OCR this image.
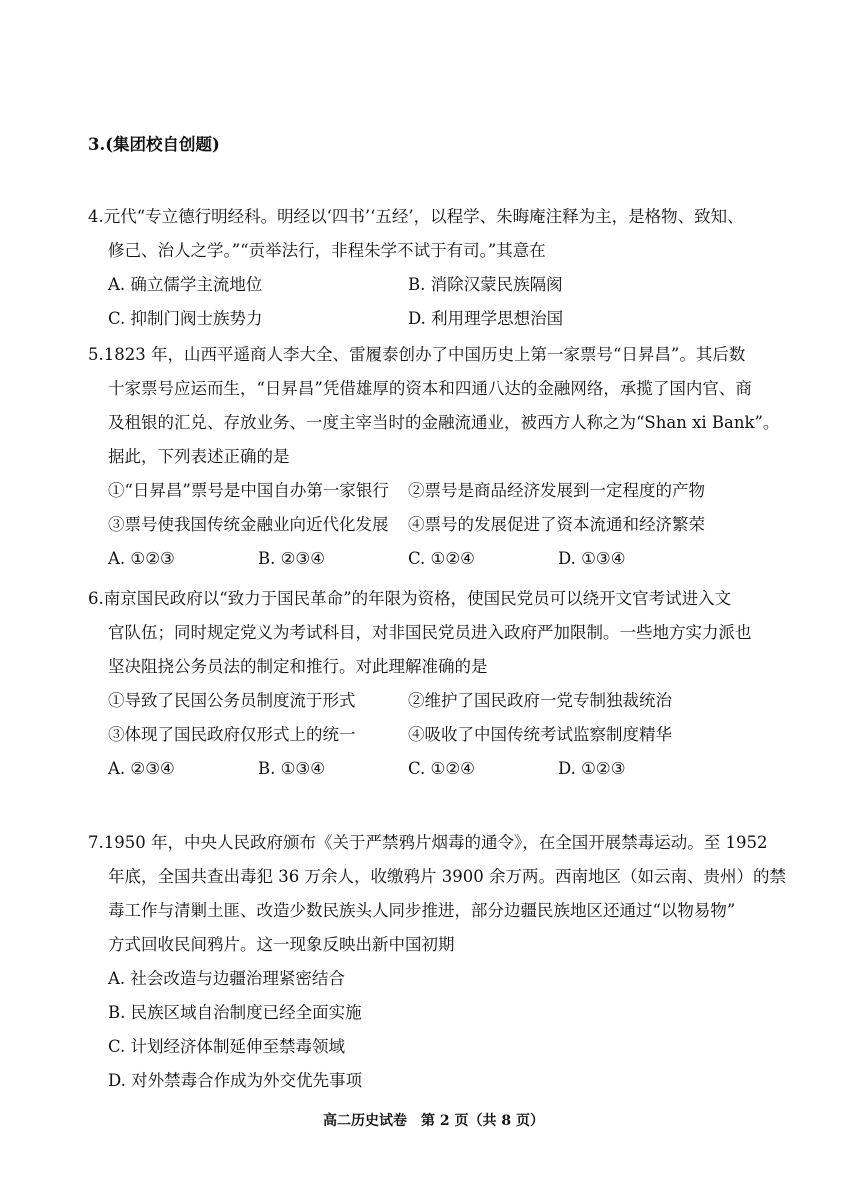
3.(集团校自创题)
4.元代“专立德行明经科。明经以‘四书’‘五经’，以程学、朱晦庵注释为主，是格物、致知、
修己、治人之学。”“贡举法行，非程朱学不试于有司。”其意在
A. 确立儒学主流地位	B. 消除汉蒙民族隔阂
C. 抑制门阀士族势力	D. 利用理学思想治国
5.1823 年，山西平遥商人李大全、雷履泰创办了中国历史上第一家票号“日昇昌”。其后数
十家票号应运而生，“日昇昌”凭借雄厚的资本和四通八达的金融网络，承揽了国内官、商
及租银的汇兑、存放业务、一度主宰当时的金融流通业，被西方人称之为“Shan xi Bank”。
据此，下列表述正确的是
①“日昇昌”票号是中国自办第一家银行	②票号是商品经济发展到一定程度的产物
③票号使我国传统金融业向近代化发展	④票号的发展促进了资本流通和经济繁荣
A. ①②③	B. ②③④	C. ①②④	D. ①③④
6.南京国民政府以“致力于国民革命”的年限为资格，使国民党员可以绕开文官考试进入文
官队伍；同时规定党义为考试科目，对非国民党员进入政府严加限制。一些地方实力派也
坚决阻挠公务员法的制定和推行。对此理解准确的是
①导致了民国公务员制度流于形式	②维护了国民政府一党专制独裁统治
③体现了国民政府仅形式上的统一	④吸收了中国传统考试监察制度精华
A. ②③④	B. ①③④	C. ①②④	D. ①②③
7.1950 年，中央人民政府颁布《关于严禁鸦片烟毒的通令》，在全国开展禁毒运动。至 1952
年底，全国共查出毒犯 36 万余人，收缴鸦片 3900 余万两。西南地区（如云南、贵州）的禁
毒工作与清剿土匪、改造少数民族头人同步推进，部分边疆民族地区还通过“以物易物”
方式回收民间鸦片。这一现象反映出新中国初期
A. 社会改造与边疆治理紧密结合
B. 民族区域自治制度已经全面实施
C. 计划经济体制延伸至禁毒领域
D. 对外禁毒合作成为外交优先事项
高二历史试卷　第 2 页（共 8 页）
